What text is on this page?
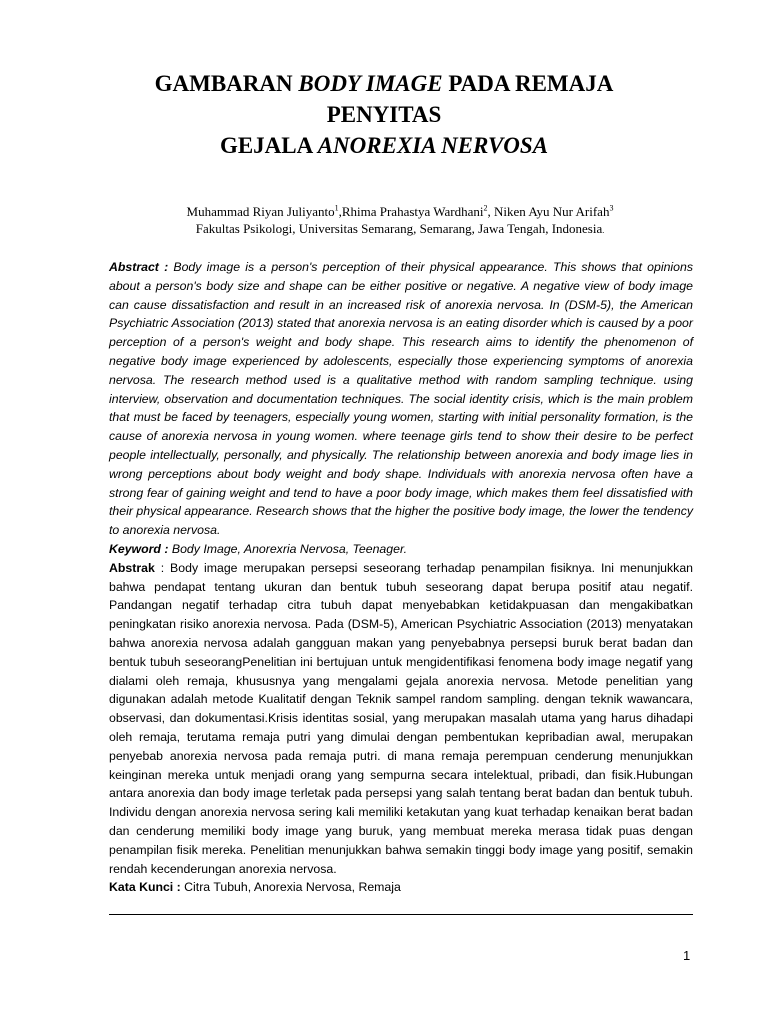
GAMBARAN BODY IMAGE PADA REMAJA
PENYITAS
GEJALA ANOREXIA NERVOSA
Muhammad Riyan Juliyanto$^1$,Rhima Prahastya Wardhani$^2$, Niken Ayu Nur Arifah$^3$
Fakultas Psikologi, Universitas Semarang, Semarang, Jawa Tengah, Indonesia.

Abstract : Body image is a person's perception of their physical appearance. This shows that opinions about a person's body size and shape can be either positive or negative. A negative view of body image can cause dissatisfaction and result in an increased risk of anorexia nervosa. In (DSM-5), the American Psychiatric Association (2013) stated that anorexia nervosa is an eating disorder which is caused by a poor perception of a person's weight and body shape. This research aims to identify the phenomenon of negative body image experienced by adolescents, especially those experiencing symptoms of anorexia nervosa. The research method used is a qualitative method with random sampling technique. using interview, observation and documentation techniques. The social identity crisis, which is the main problem that must be faced by teenagers, especially young women, starting with initial personality formation, is the cause of anorexia nervosa in young women. where teenage girls tend to show their desire to be perfect people intellectually, personally, and physically. The relationship between anorexia and body image lies in wrong perceptions about body weight and body shape. Individuals with anorexia nervosa often have a strong fear of gaining weight and tend to have a poor body image, which makes them feel dissatisfied with their physical appearance. Research shows that the higher the positive body image, the lower the tendency to anorexia nervosa.

Keyword : Body Image, Anorexria Nervosa, Teenager.

Abstrak : Body image merupakan persepsi seseorang terhadap penampilan fisiknya. Ini menunjukkan bahwa pendapat tentang ukuran dan bentuk tubuh seseorang dapat berupa positif atau negatif. Pandangan negatif terhadap citra tubuh dapat menyebabkan ketidakpuasan dan mengakibatkan peningkatan risiko anorexia nervosa. Pada (DSM-5), American Psychiatric Association (2013) menyatakan bahwa anorexia nervosa adalah gangguan makan yang penyebabnya persepsi buruk berat badan dan bentuk tubuh seseorangPenelitian ini bertujuan untuk mengidentifikasi fenomena body image negatif yang dialami oleh remaja, khususnya yang mengalami gejala anorexia nervosa. Metode penelitian yang digunakan adalah metode Kualitatif dengan Teknik sampel random sampling. dengan teknik wawancara, observasi, dan dokumentasi.Krisis identitas sosial, yang merupakan masalah utama yang harus dihadapi oleh remaja, terutama remaja putri yang dimulai dengan pembentukan kepribadian awal, merupakan penyebab anorexia nervosa pada remaja putri. di mana remaja perempuan cenderung menunjukkan keinginan mereka untuk menjadi orang yang sempurna secara intelektual, pribadi, dan fisik.Hubungan antara anorexia dan body image terletak pada persepsi yang salah tentang berat badan dan bentuk tubuh. Individu dengan anorexia nervosa sering kali memiliki ketakutan yang kuat terhadap kenaikan berat badan dan cenderung memiliki body image yang buruk, yang membuat mereka merasa tidak puas dengan penampilan fisik mereka. Penelitian menunjukkan bahwa semakin tinggi body image yang positif, semakin rendah kecenderungan anorexia nervosa.

Kata Kunci : Citra Tubuh, Anorexia Nervosa, Remaja

1
